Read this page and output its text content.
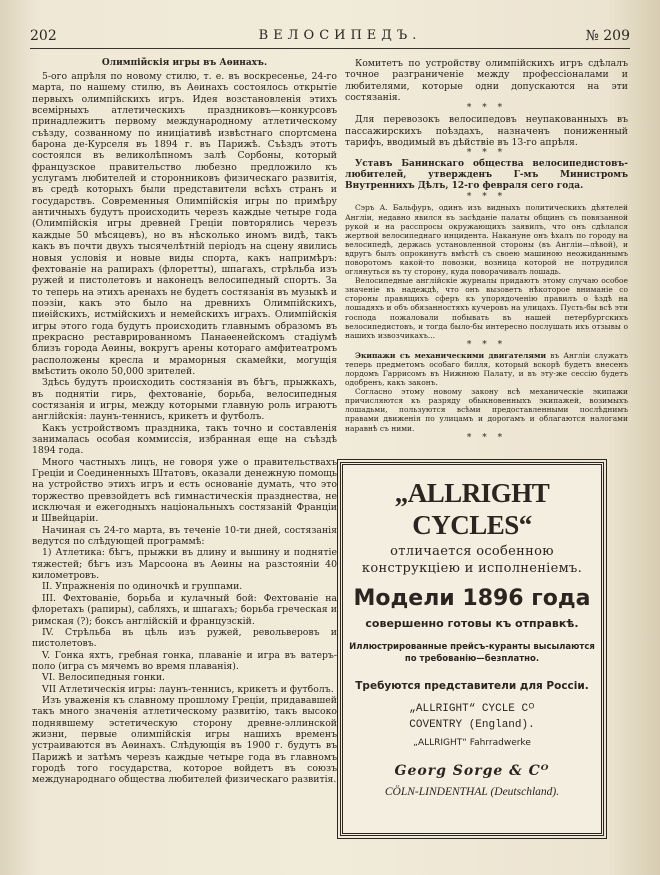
202	ВЕЛОСИПЕДЪ.	№ 209
Олимпійскія игры въ Аѳинахъ.

5-ого апрѣля по новому стилю, т. е. въ воскресенье, 24-го марта, по нашему стилю, въ Аѳинахъ состоялось открытіе первыхъ олимпійскихъ игръ. Идея возстановленія этихъ всемірныхъ атлетическихъ праздниковъ—конкурсовъ принадлежитъ первому международному атлетическому съѣзду, созванному по иниціативѣ извѣстнаго спортсмена барона де-Курселя въ 1894 г. въ Парижѣ. Съѣздъ этотъ состоялся въ великолѣпномъ залѣ Сорбоны, который французское правительство любезно предложило къ услугамъ любителей и сторонниковъ физическаго развитія, въ средѣ которыхъ были представители всѣхъ странъ и государствъ. Современныя Олимпійскія игры по примѣру античныхъ будутъ происходить черезъ каждые четыре года (Олимпійскія игры древней Греціи повторялись черезъ каждые 50 мѣсяцевъ), но въ нѣсколько иномъ видѣ, такъ какъ въ почти двухъ тысячелѣтній періодъ на сцену явились новыя условія и новые виды спорта, какъ напримѣръ: фехтованіе на рапирахъ (флоретты), шпагахъ, стрѣльба изъ ружей и пистолетовъ и наконецъ велосипедный спортъ. За то теперь на этихъ аренахъ не будетъ состязанія въ музыкѣ и поэзіи, какъ это было на древнихъ Олимпійскихъ, пиѳійскихъ, истмійскихъ и немейскихъ играхъ. Олимпійскія игры этого года будутъ происходить главнымъ образомъ въ прекрасно реставрированномъ Панаѳенейскомъ стадіумѣ близъ города Аѳины, вокругъ арены котораго амфитеатромъ расположены кресла и мраморныя скамейки, могущія вмѣстить около 50,000 зрителей.

Здѣсь будутъ происходить состязанія въ бѣгъ, прыжкахъ, въ поднятіи гирь, фехтованіе, борьба, велосипедныя состязанія и игры, между которыми главную роль играютъ англійскія: лаунъ-теннисъ, крикетъ и футболъ.

Какъ устройствомъ праздника, такъ точно и составленія занималась особая коммиссія, избранная еще на съѣздѣ 1894 года.

Много частныхъ лицъ, не говоря уже о правительствахъ Греціи и Соединенныхъ Штатовъ, оказали денежную помощь на устройство этихъ игръ и есть основаніе думать, что это торжество превзойдетъ всѣ гимнастическія празднества, не исключая и ежегодныхъ національныхъ состязаній Франціи и Швейцаріи.

Начиная съ 24-го марта, въ теченіе 10-ти дней, состязанія ведутся по слѣдующей программѣ:

1) Атлетика: бѣгъ, прыжки въ длину и вышину и поднятіе тяжестей; бѣгъ изъ Марсоона въ Аѳины на разстояніи 40 километровъ.

II. Упражненія по одиночкѣ и группами.

III. Фехтованіе, борьба и кулачный бой: Фехтованіе на флоретахъ (рапиры), сабляхъ, и шпагахъ; борьба греческая и римская (?); боксъ англійскій и французскій.

IV. Стрѣльба въ цѣль изъ ружей, револьверовъ и пистолетовъ.

V. Гонка яхтъ, гребная гонка, плаваніе и игра въ ватеръ-поло (игра съ мячемъ во время плаванія).

VI. Велосипедныя гонки.

VII Атлетическія игры: лаунъ-теннисъ, крикетъ и футболъ.

Изъ уваженія къ славному прошлому Греціи, придававшей такъ много значенія атлетическому развитію, такъ высоко поднявшему эстетическую сторону древне-эллинской жизни, первые олимпійскія игры нашихъ временъ устраиваются въ Аѳинахъ. Слѣдующія въ 1900 г. будутъ въ Парижѣ и затѣмъ черезъ каждые четыре года въ главномъ городѣ того государства, которое войдетъ въ союзъ международнаго общества любителей физическаго развитія.

Комитетъ по устройству олимпійскихъ игръ сдѣлалъ точное разграниченіе между профессіоналами и любителями, которые одни допускаются на эти состязанія.

* * *

Для перевозокъ велосипедовъ неупакованныхъ въ пассажирскихъ поѣздахъ, назначенъ пониженный тарифъ, вводимый въ дѣйствіе въ 13-го апрѣля.

* * *

Уставъ Банинскаго общества велосипедистовъ-любителей, утвержденъ Г-мъ Министромъ Внутреннихъ Дѣлъ, 12-го февраля сего года.

* * *

Сэръ А. Бальфуръ, одинъ изъ видныхъ политическихъ дѣятелей Англіи, недавно явился въ засѣданіе палаты общинъ съ повязанной рукой и на расспросы окружающихъ заявилъ, что онъ сдѣлался жертвой велосипеднаго инцидента. Накануне онъ ѣхалъ по городу на велосипедѣ, держась установленной стороны (въ Англіи—лѣвой), и вдругъ былъ опрокинутъ вмѣстѣ съ своею машиною неожиданнымъ поворотомъ какой-то повозки, возница которой не потрудился оглянуться въ ту сторону, куда поворачивалъ лошадь.

Велосипедные англійскіе журналы придаютъ этому случаю особое значеніе въ надеждѣ, что онъ вызоветъ нѣкоторое вниманіе со стороны правящихъ сферъ къ упорядоченію правилъ о ѣздѣ на лошадяхъ и объ обязанностяхъ кучеровъ на улицахъ. Пусть-бы всѣ эти господа пожаловали побывать въ нашей петербургскихъ велосипедистовъ, и тогда было-бы интересно послушать ихъ отзывы о нашихъ извозчикахъ...

* * *

Экипажи съ механическими двигателями въ Англіи служатъ теперь предметомъ особаго билля, который вскорѣ будетъ внесенъ лордомъ Гаррисомъ въ Нижнюю Палату, и въ эту-же сессію будетъ одобренъ, какъ законъ.

Согласно этому новому закону всѣ механическіе экипажи причисляются къ разряду обыкновенныхъ экипажей, возимыхъ лошадьми, пользуются всѣми предоставленными послѣднимъ правами движенія по улицамъ и дорогамъ и облагаются налогами наравнѣ съ ними.

* * *
„ALLRIGHT CYCLES“
отличается особенною конструкціею и исполненіемъ.
Модели 1896 года
совершенно готовы къ отправкѣ.
Иллюстрированные прейсъ-куранты высылаются по требованію—безплатно.
Требуются представители для Россіи.
„ALLRIGHT“ CYCLE Cᴼ
COVENTRY (England).
„ALLRIGHT“ Fahrradwerke
Georg Sorge & Cᴼ
CÖLN-LINDENTHAL (Deutschland).
